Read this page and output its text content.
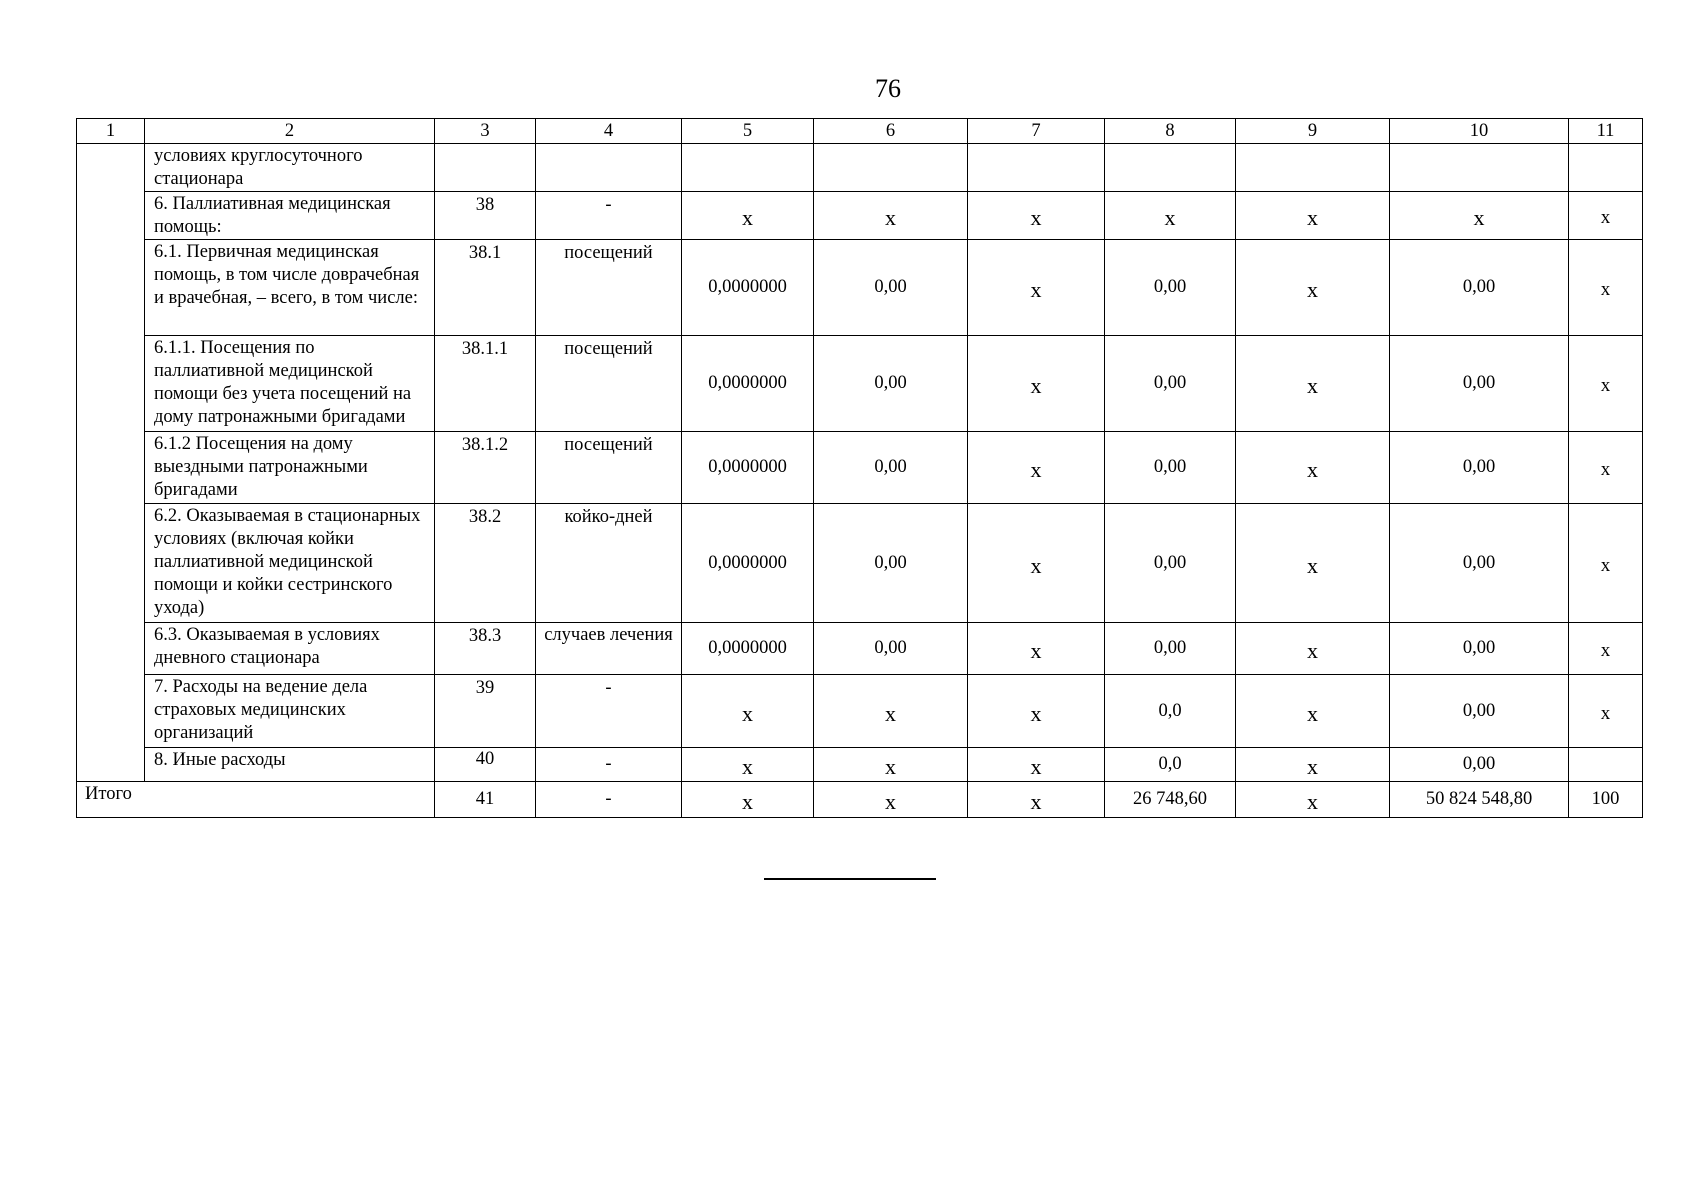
76
1	2	3	4	5	6	7	8	9	10	11
	условиях круглосуточного стационара									
	6. Паллиативная медицинская помощь:	38	-	х	х	х	х	х	х	х
	6.1. Первичная медицинская помощь, в том числе доврачебная и врачебная, – всего, в том числе:	38.1	посещений	0,0000000	0,00	х	0,00	х	0,00	х
	6.1.1. Посещения по паллиативной медицинской помощи без учета посещений на дому патронажными бригадами	38.1.1	посещений	0,0000000	0,00	х	0,00	х	0,00	х
	6.1.2 Посещения на дому выездными патронажными бригадами	38.1.2	посещений	0,0000000	0,00	х	0,00	х	0,00	х
	6.2. Оказываемая в стационарных условиях (включая койки паллиативной медицинской помощи и койки сестринского ухода)	38.2	койко-дней	0,0000000	0,00	х	0,00	х	0,00	х
	6.3. Оказываемая в условиях дневного стационара	38.3	случаев лечения	0,0000000	0,00	х	0,00	х	0,00	х
	7. Расходы на ведение дела страховых медицинских организаций	39	-	х	х	х	0,0	х	0,00	х
	8. Иные расходы	40	-	х	х	х	0,0	х	0,00	
Итого		41	-	х	х	х	26 748,60	х	50 824 548,80	100
